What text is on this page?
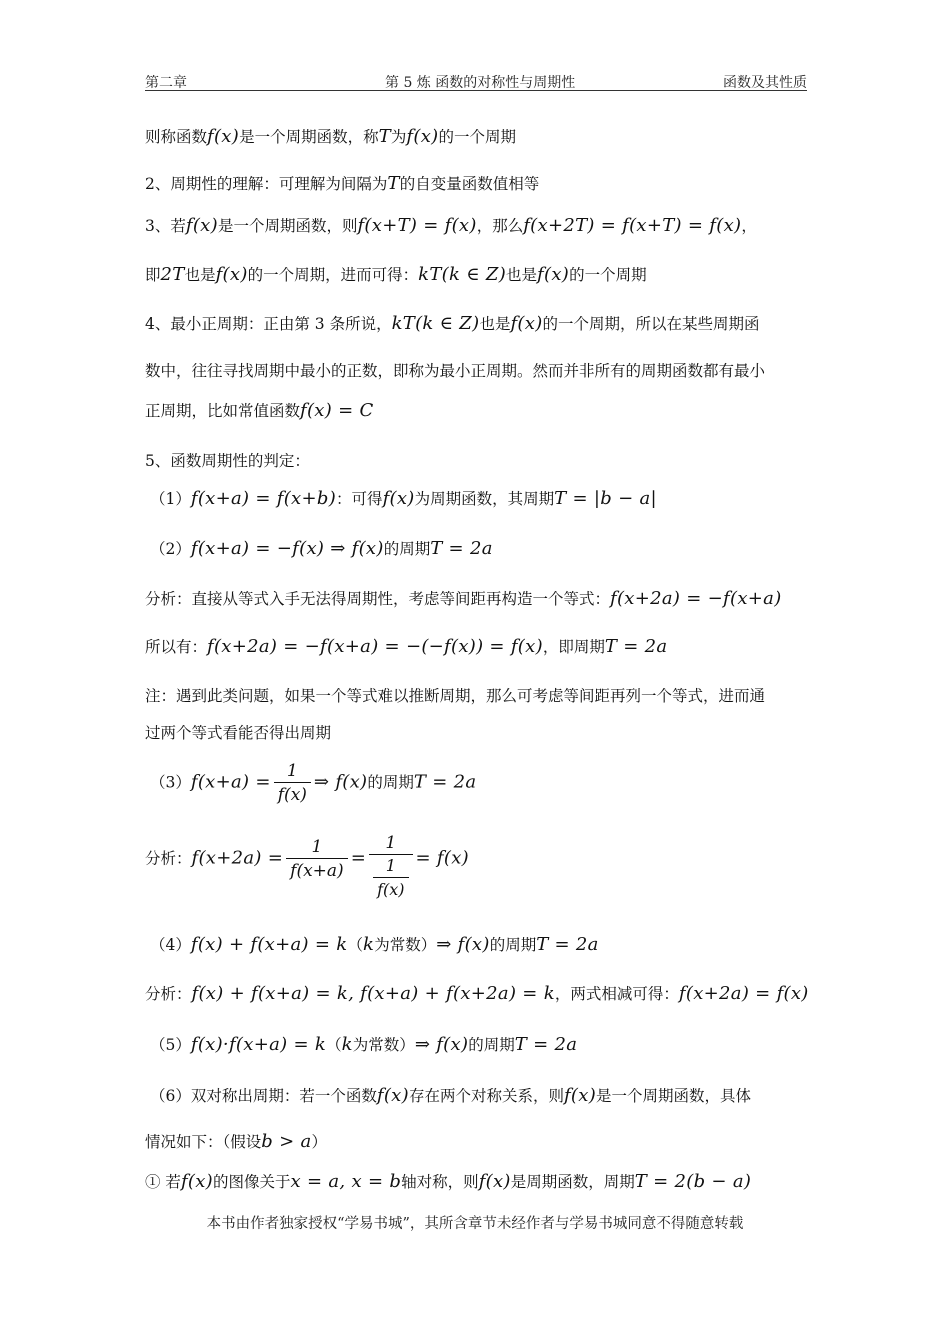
第二章	第 5 炼 函数的对称性与周期性	函数及其性质
则称函数f(x)是一个周期函数，称T为f(x)的一个周期
2、周期性的理解：可理解为间隔为T的自变量函数值相等
3、若f(x)是一个周期函数，则f(x+T) = f(x)，那么f(x+2T) = f(x+T) = f(x)，
即2T也是f(x)的一个周期，进而可得：kT(k ∈ Z)也是f(x)的一个周期
4、最小正周期：正由第 3 条所说，kT(k ∈ Z)也是f(x)的一个周期，所以在某些周期函
数中，往往寻找周期中最小的正数，即称为最小正周期。然而并非所有的周期函数都有最小
正周期，比如常值函数f(x) = C
5、函数周期性的判定：
（1）f(x+a) = f(x+b)：可得f(x)为周期函数，其周期T = |b − a|
（2）f(x+a) = −f(x) ⇒ f(x)的周期T = 2a
分析：直接从等式入手无法得周期性，考虑等间距再构造一个等式：f(x+2a) = −f(x+a)
所以有：f(x+2a) = −f(x+a) = −(−f(x)) = f(x)，即周期T = 2a
注：遇到此类问题，如果一个等式难以推断周期，那么可考虑等间距再列一个等式，进而通
过两个等式看能否得出周期
$(3)f(x+a) = \frac{1}{f(x)}$ ⇒ f(x)的周期T = 2a
分析：$f(x+2a) = \frac{1}{f(x+a)} = \frac{1}{\frac{1}{f(x)}} = f(x)$
（4）f(x) + f(x+a) = k（k为常数）⇒ f(x)的周期T = 2a
分析：f(x) + f(x+a) = k, f(x+a) + f(x+2a) = k，两式相减可得：f(x+2a) = f(x)
（5）f(x)·f(x+a) = k（k为常数）⇒ f(x)的周期T = 2a
（6）双对称出周期：若一个函数f(x)存在两个对称关系，则f(x)是一个周期函数，具体
情况如下：（假设b > a）
① 若f(x)的图像关于x = a, x = b轴对称，则f(x)是周期函数，周期T = 2(b − a)
本书由作者独家授权“学易书城”，其所含章节未经作者与学易书城同意不得随意转载
